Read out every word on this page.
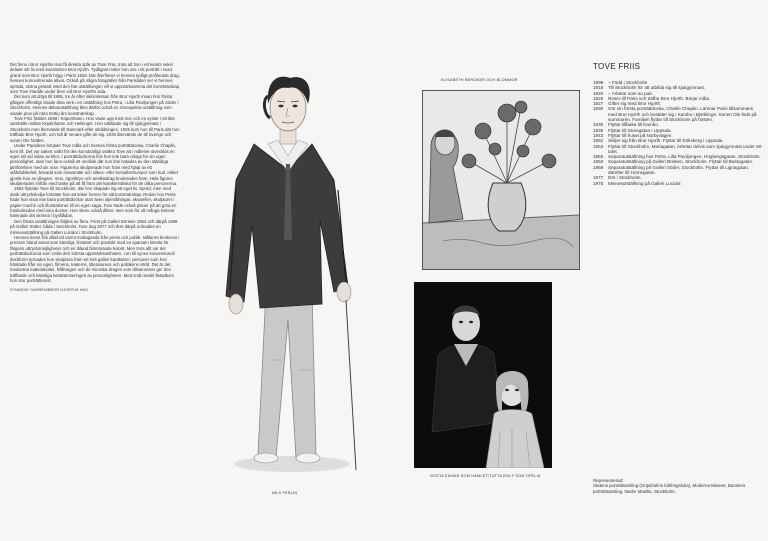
Det finns i Bror Hjorths Hus få direkta spår av Tove Friis, trots att hon i ett kvarts sekel delade sitt liv med konstnären Bror Hjorth. Tydligast möter hon oss i ett porträtt i svart granit som Bror Hjorth högg i Paris 1929. Där återfinner vi hennes tydligt profilerade drag, hennes koncentrerade allvar. Också på några fotografier från Parisliden ser vi hennes spröda, sköna gestalt. Med den här utställningen vill vi uppmärksamma det konstnärskap som Tove inledde under åren vid Bror Hjorths sida.

Det kom att dröja till 1955, tre år efter skilsmässan från Bror Hjorth innan hon första gången offentligt visade dina verk i en utställning hos Petra, i Lilla Paviljongen på Söder i Stockholm. Hennes debututställning blev därför också en retrospektiv utställning som visade prov på nära trettio års konstnärskap.

Tove Friis föddes 1898 i Köpenhamn. Hon växte upp med mor och en syster i ett litet samhälle mellan Köpenhamn och Helsingör. Hon utbildade sig till sjukgymnast i Stockholm men återvände till Danmark efter utbildningen. 1925 kom hon till Paris där hon träffade Bror Hjorth, och två år senare gifte de sig. 1930 återvände de till Sverige och sonen Ole föddes.

Under Parisåren började Tove måla och hennes första porträttdocka, Charlie Chaplin, kom till. Det var sakert svårt för den konstnärligt osäkra Tove att i måleriet utvecklas en egen stil vid sidan av Bror. I porträttdockorna fick hon inte bara utlopp för sin egen personlighet, utan hon fann också ett område där hon inte hotades av den ständiga jämförelsen med sin man. Figurerna skulpterade hon fram med hjälp av ett ståltrådskelett, fetvadd som innanmäte och silkes- eller bomullsstrumpor som hud. Håret gjorde hon av yllegarn, mun, ögonbryn och ansiktsdrag broderades fram. Hela figuren skulpterades inifrån med tanke på att få fram det karakteristiska för de olika personerna.

1953 flyttade Tove till Stockholm, där hon skapade sig ett eget liv. Spröd, men med stark uttryckskvilja fortsatte hon att söker former för sitt konstnärskap. Redan hos Petra hade hon visat inte bara porträttdockor utan även oljemålningar, akvareller, skulpturer i papier maché och illustrationer till en egen saga. Tove hade också planer på att göra en fotobokredan med sina dockor. Hon skrev också dikter, men som för så många kvinnor hamnade det skrivna i byrålådan.

Den första utställningen följdes av flera. Först på Galleri Brinken 1963 och därpå 1968 på Galleri Söder, båda i Stockholm. Tove dog 1977 och året därpå ordnades en minnesutställning på Galleri Lucidor i Stockholm.

Hennes konst fick alltid ett varmt mottagande från press och publik. Målarret beskrevs i pressen bland annat som känsligt, finstämt och poetiskt med en sparsam känsla för färgens uttrycksmöjligheter och en ibland blommande kolorit. Men trots allt var det porträttdockorna som rörde den största uppmärksamheten. I en till synes konventionell dockform tyckades hon skulptera fram ett helt galleri karaktärer: personer som hon hämtade från sin egen, filmens, teaterns, litteraturens och politikens värld. Det är det medvetna materialvalet, hållningen och de mimiska dragen som tillsammans ger den träffande och känsliga karakteriseringen av personligheten. Med små medel åstadkom hon stor porträttkonst.

SYNNÖVE GAHRÉN/BROR HJORTHS HUS

NILS FERLIN
ELISABETH BERGNER OCH BLOMMOR
GÖSTA EKMAN SOM HAMLET/TUTTA ROLF SOM OFELIA
TOVE FRIIS
1898	– Född i Stockholm.
1918	Till Stockholm för att utbilda sig till sjukgymnast.
1920	– Arbetar som au pair.
1925	Reser till Paris och träffar Bror Hjorth. Börjar måla.
1927	Gifter sig med Bror Hjorth.
1930	Gör sin första porträttdocka, Charlie Chaplin. Lämnar Paris tillsammans med Bror Hjorth och bosätter sig i Kambo i Björklinge. Sonen Ole föds på sommaren. Familjen flyttar till Stockholm på hösten.
1935	Flyttar tillbaka till Kambo.
1939	Flyttar till Sturegatan i Uppsala.
1943	Flyttar till huset på Norbyvägen.
1952	Skiljer sig från Bror Hjorth. Flyttar till Eriksberg i Uppsala.
1953	Flyttar till Stockholm, Mariagatan. Arbetar delvis som sjukgymnast under 50-talet.
1955	Separatutställning hos Petra, Lilla Paviljongen, Högbergsgatan, Stockholm.
1963	Separatutställning på Galleri Brinken, Stockholm. Flyttar till Bastugatan.
1968	Separatutställning på Galleri Söder, Stockholm. Flyttar till Lignagatan, därefter till Hornsgatan.
1977	Dör i Stockholm.
1978	Minnesutställning på Galleri Lucidor.
Representerad:
Statens porträttsamling (Gripsholms folkhögskola), Moderna Museet, Bonniers porträttsamling, Nedre Manilla, Stockholm.
